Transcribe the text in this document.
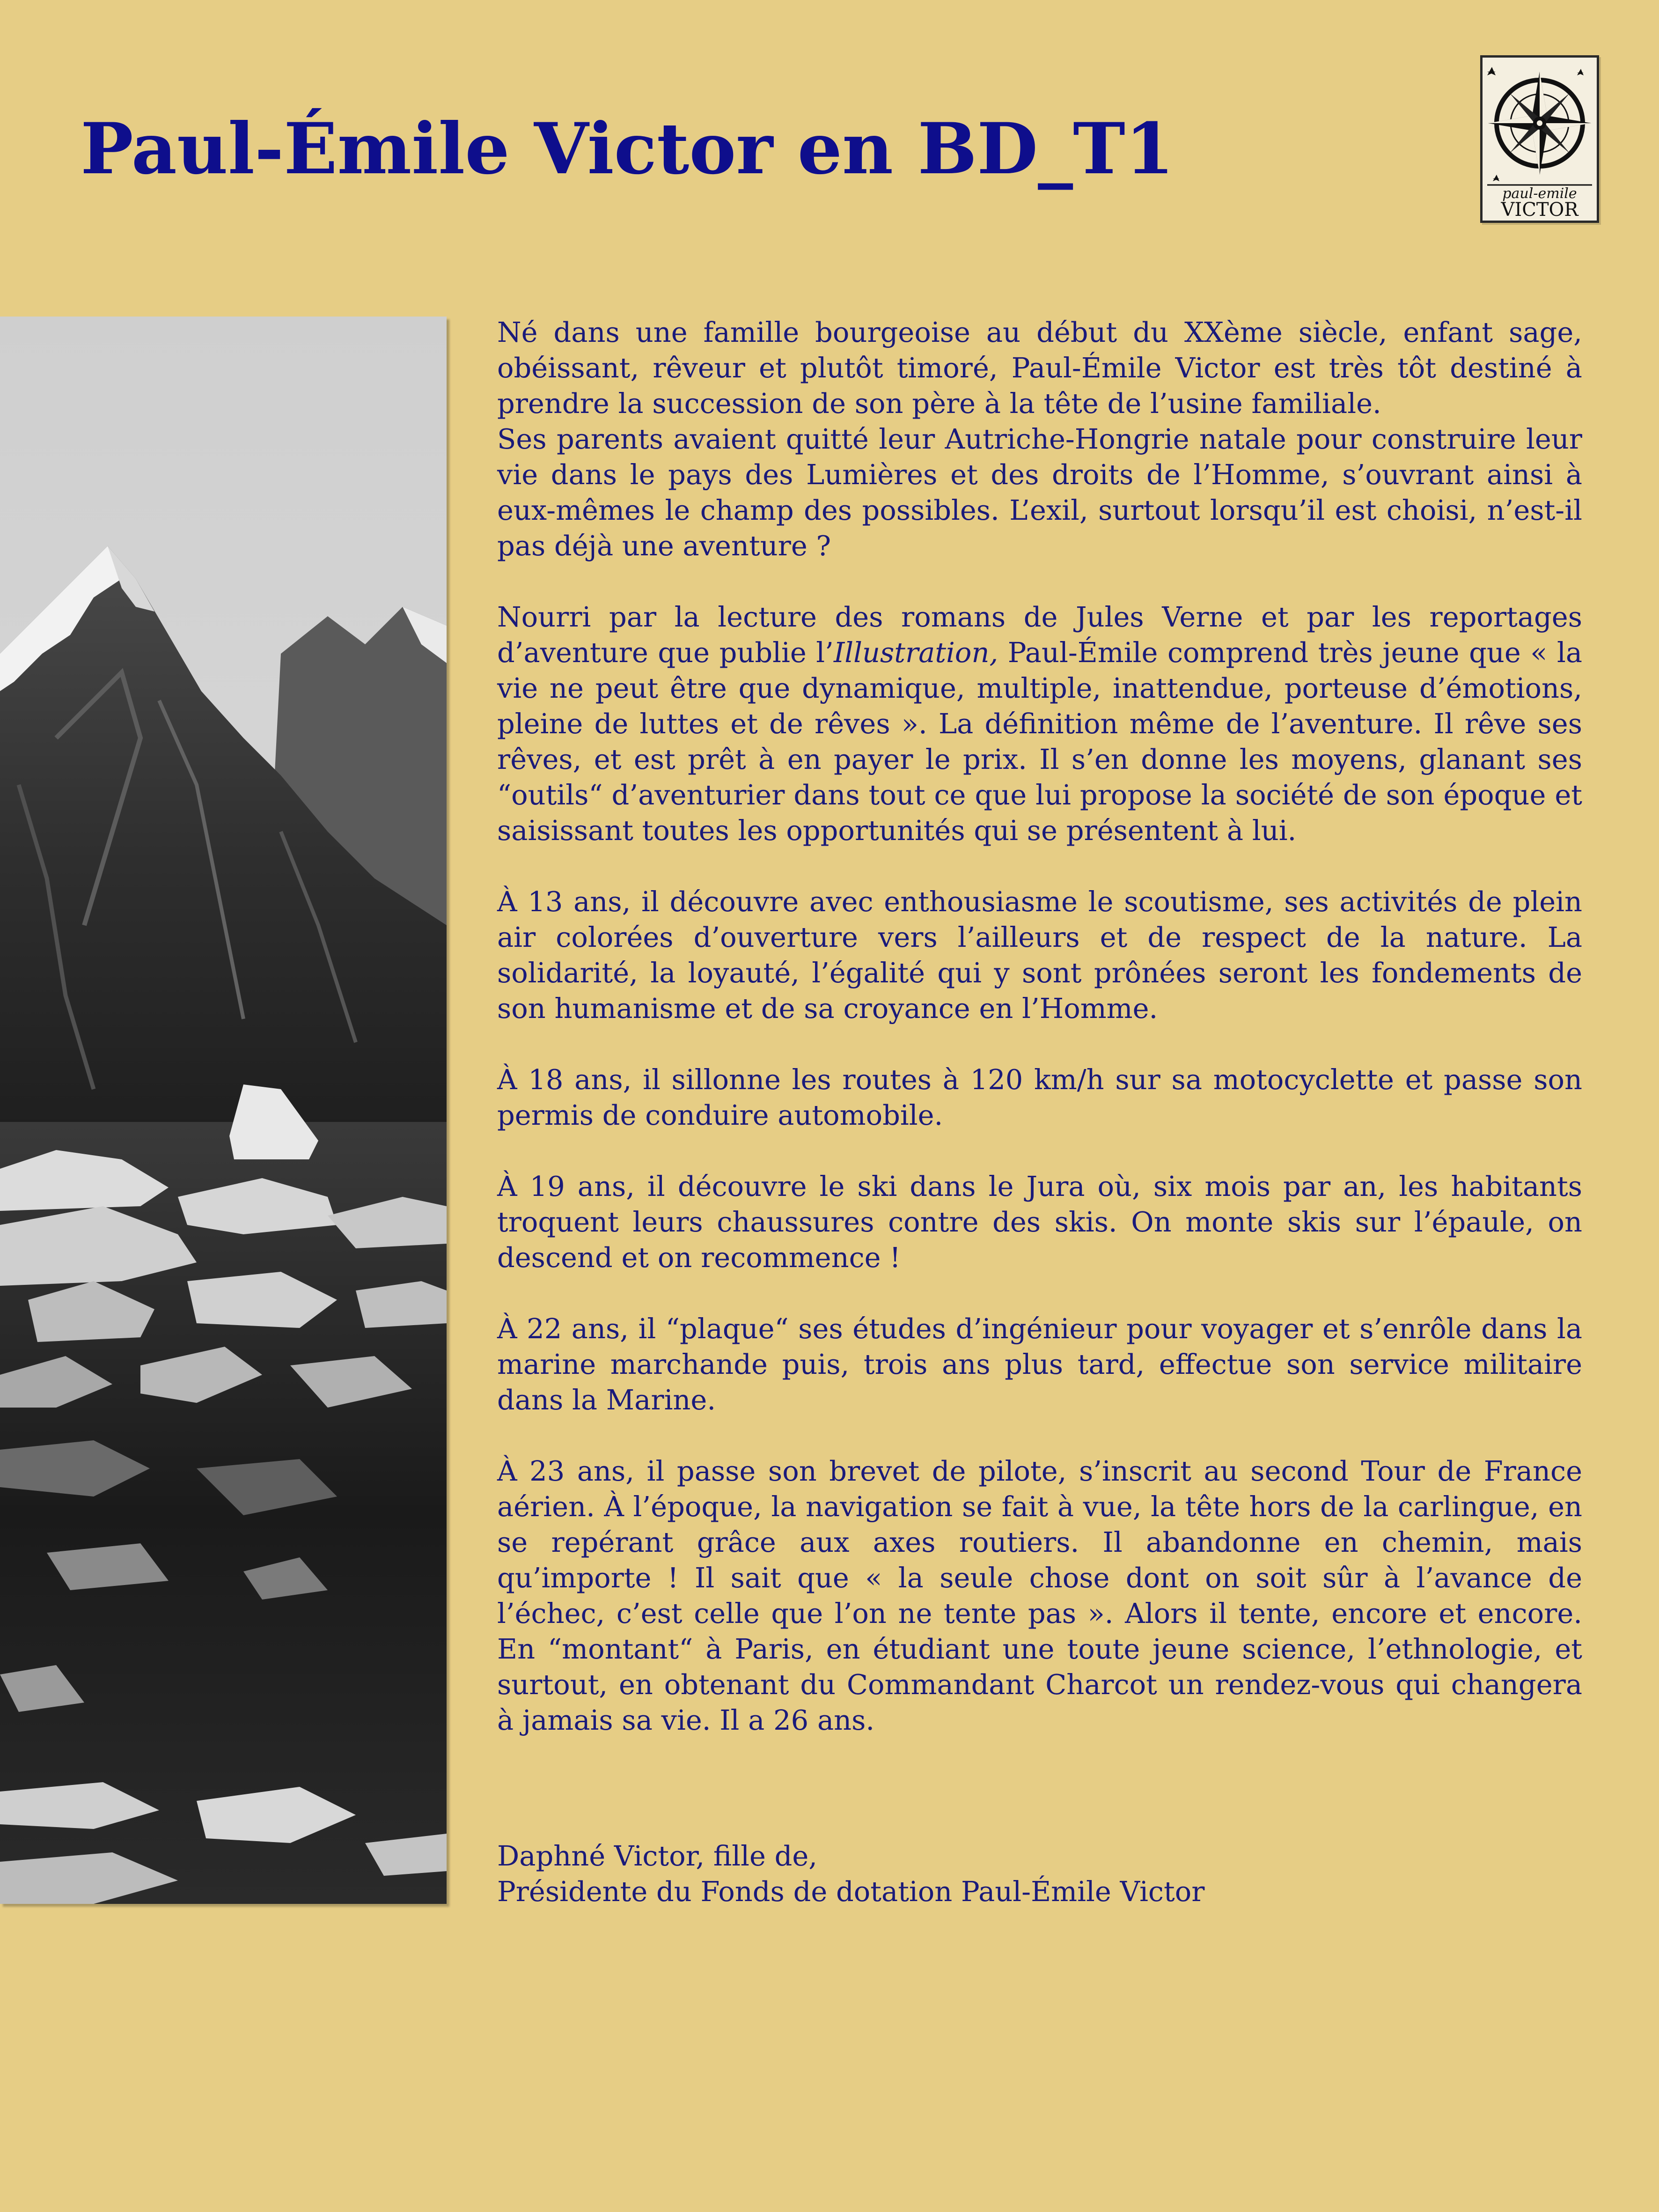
Paul-Émile Victor en BD_T1
paul-emile
VICTOR

Né dans une famille bourgeoise au début du XXème siècle, enfant sage, obéissant, rêveur et plutôt timoré, Paul-Émile Victor est très tôt destiné à prendre la succession de son père à la tête de l’usine familiale.

Ses parents avaient quitté leur Autriche-Hongrie natale pour construire leur vie dans le pays des Lumières et des droits de l’Homme, s’ouvrant ainsi à eux-mêmes le champ des possibles. L’exil, surtout lorsqu’il est choisi, n’est-il pas déjà une aventure ?

Nourri par la lecture des romans de Jules Verne et par les reportages d’aventure que publie l’Illustration, Paul-Émile comprend très jeune que « la vie ne peut être que dynamique, multiple, inattendue, porteuse d’émotions, pleine de luttes et de rêves ». La définition même de l’aventure. Il rêve ses rêves, et est prêt à en payer le prix. Il s’en donne les moyens, glanant ses “outils“ d’aventurier dans tout ce que lui propose la société de son époque et saisissant toutes les opportunités qui se présentent à lui.

À 13 ans, il découvre avec enthousiasme le scoutisme, ses activités de plein air colorées d’ouverture vers l’ailleurs et de respect de la nature. La solidarité, la loyauté, l’égalité qui y sont prônées seront les fondements de son humanisme et de sa croyance en l’Homme.

À 18 ans, il sillonne les routes à 120 km/h sur sa motocyclette et passe son permis de conduire automobile.

À 19 ans, il découvre le ski dans le Jura où, six mois par an, les habitants troquent leurs chaussures contre des skis. On monte skis sur l’épaule, on descend et on recommence !

À 22 ans, il “plaque“ ses études d’ingénieur pour voyager et s’enrôle dans la marine marchande puis, trois ans plus tard, effectue son service militaire dans la Marine.

À 23 ans, il passe son brevet de pilote, s’inscrit au second Tour de France aérien. À l’époque, la navigation se fait à vue, la tête hors de la carlingue, en se repérant grâce aux axes routiers. Il abandonne en chemin, mais qu’importe ! Il sait que « la seule chose dont on soit sûr à l’avance de l’échec, c’est celle que l’on ne tente pas ». Alors il tente, encore et encore. En “montant“ à Paris, en étudiant une toute jeune science, l’ethnologie, et surtout, en obtenant du Commandant Charcot un rendez-vous qui changera à jamais sa vie. Il a 26 ans.

Daphné Victor, fille de,
Présidente du Fonds de dotation Paul-Émile Victor
